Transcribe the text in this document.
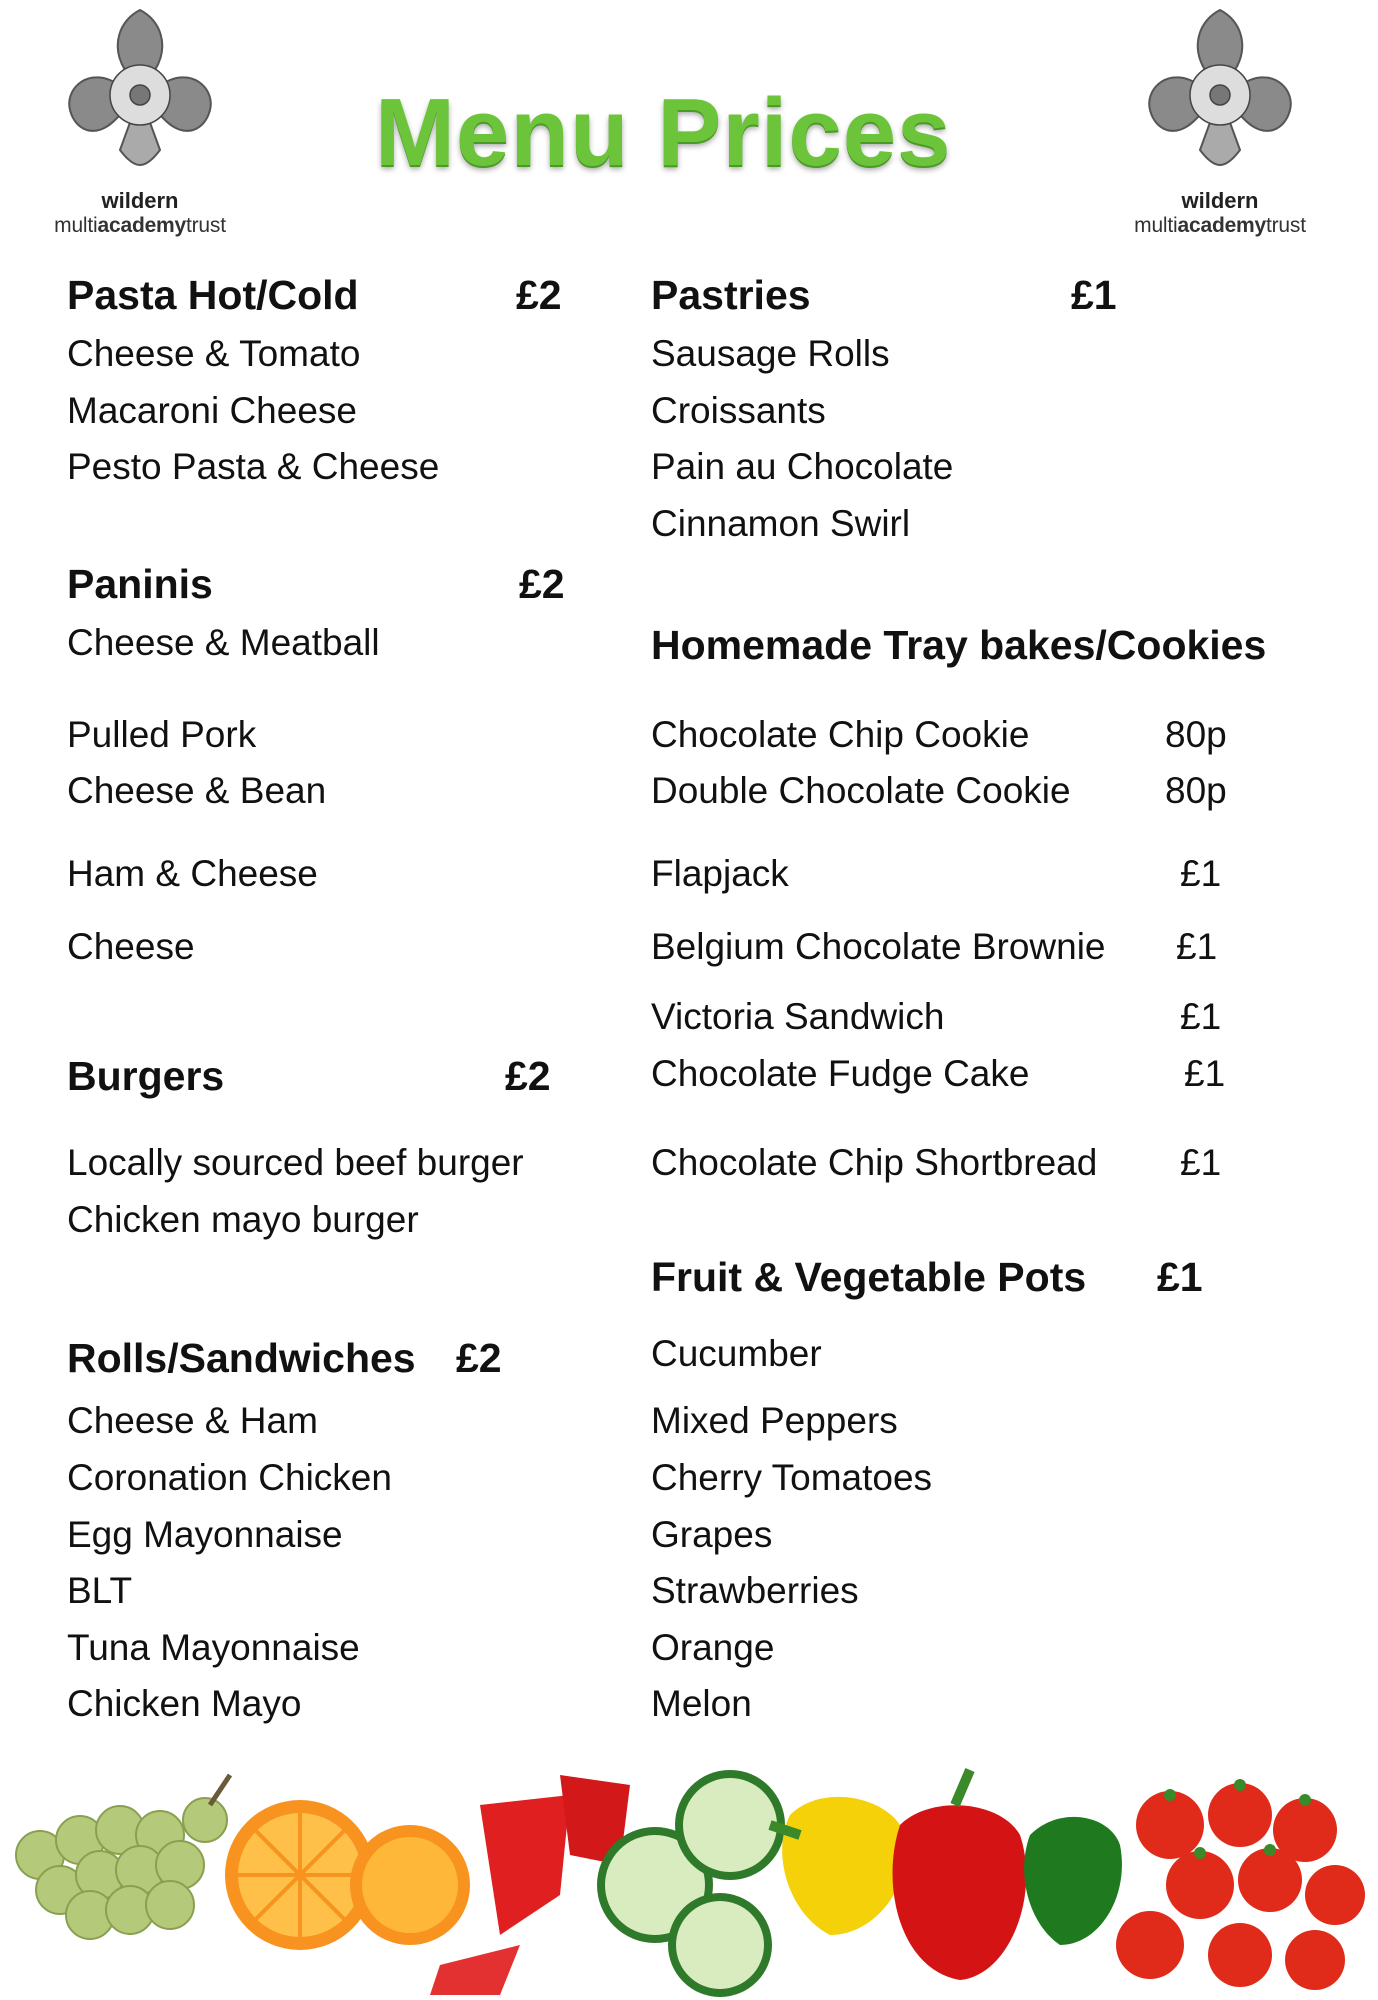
wildern
multiacademytrust
wildern
multiacademytrust
Menu Prices
Pasta Hot/Cold	£2
Cheese & Tomato
Macaroni Cheese
Pesto Pasta & Cheese
Paninis	£2
Cheese & Meatball
Pulled Pork
Cheese & Bean
Ham & Cheese
Cheese
Burgers	£2
Locally sourced beef burger
Chicken mayo burger
Rolls/Sandwiches £2
Cheese & Ham
Coronation Chicken
Egg Mayonnaise
BLT
Tuna Mayonnaise
Chicken Mayo
Pastries	£1
Sausage Rolls
Croissants
Pain au Chocolate
Cinnamon Swirl
Homemade Tray bakes/Cookies
Chocolate Chip Cookie	80p
Double Chocolate Cookie	80p
Flapjack	£1
Belgium Chocolate Brownie £1
Victoria Sandwich	£1
Chocolate Fudge Cake	£1
Chocolate Chip Shortbread £1
Fruit & Vegetable Pots £1
Cucumber
Mixed Peppers
Cherry Tomatoes
Grapes
Strawberries
Orange
Melon
